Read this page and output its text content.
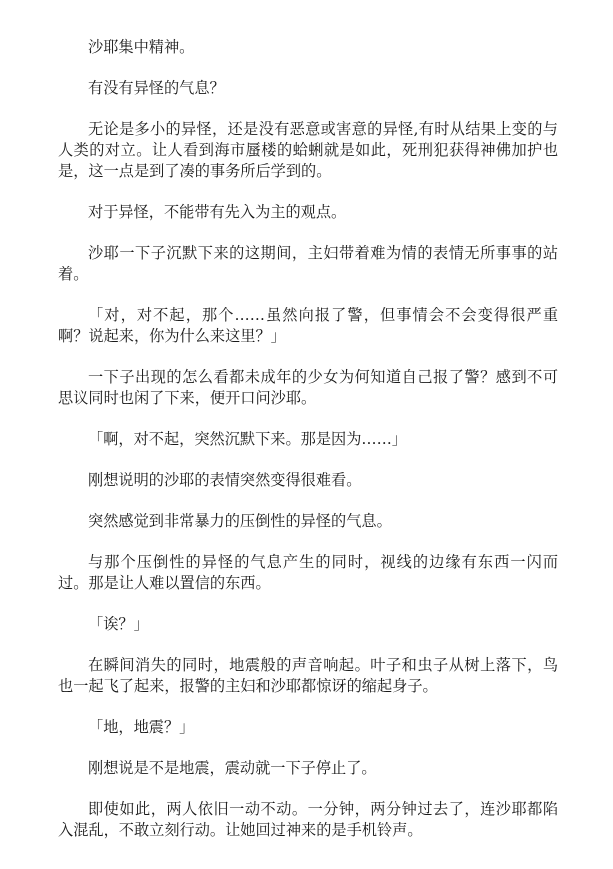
沙耶集中精神。

有没有异怪的气息？

无论是多小的异怪，还是没有恶意或害意的异怪,有时从结果上变的与人类的对立。让人看到海市蜃楼的蛤蜊就是如此，死刑犯获得神佛加护也是，这一点是到了凑的事务所后学到的。

对于异怪，不能带有先入为主的观点。

沙耶一下子沉默下来的这期间，主妇带着难为情的表情无所事事的站着。

「对，对不起，那个……虽然向报了警，但事情会不会变得很严重啊？说起来，你为什么来这里？」

一下子出现的怎么看都未成年的少女为何知道自己报了警？感到不可思议同时也闲了下来，便开口问沙耶。

「啊，对不起，突然沉默下来。那是因为……」

刚想说明的沙耶的表情突然变得很难看。

突然感觉到非常暴力的压倒性的异怪的气息。

与那个压倒性的异怪的气息产生的同时，视线的边缘有东西一闪而过。那是让人难以置信的东西。

「诶？」

在瞬间消失的同时，地震般的声音响起。叶子和虫子从树上落下，鸟也一起飞了起来，报警的主妇和沙耶都惊讶的缩起身子。

「地，地震？」

刚想说是不是地震，震动就一下子停止了。

即使如此，两人依旧一动不动。一分钟，两分钟过去了，连沙耶都陷入混乱，不敢立刻行动。让她回过神来的是手机铃声。
